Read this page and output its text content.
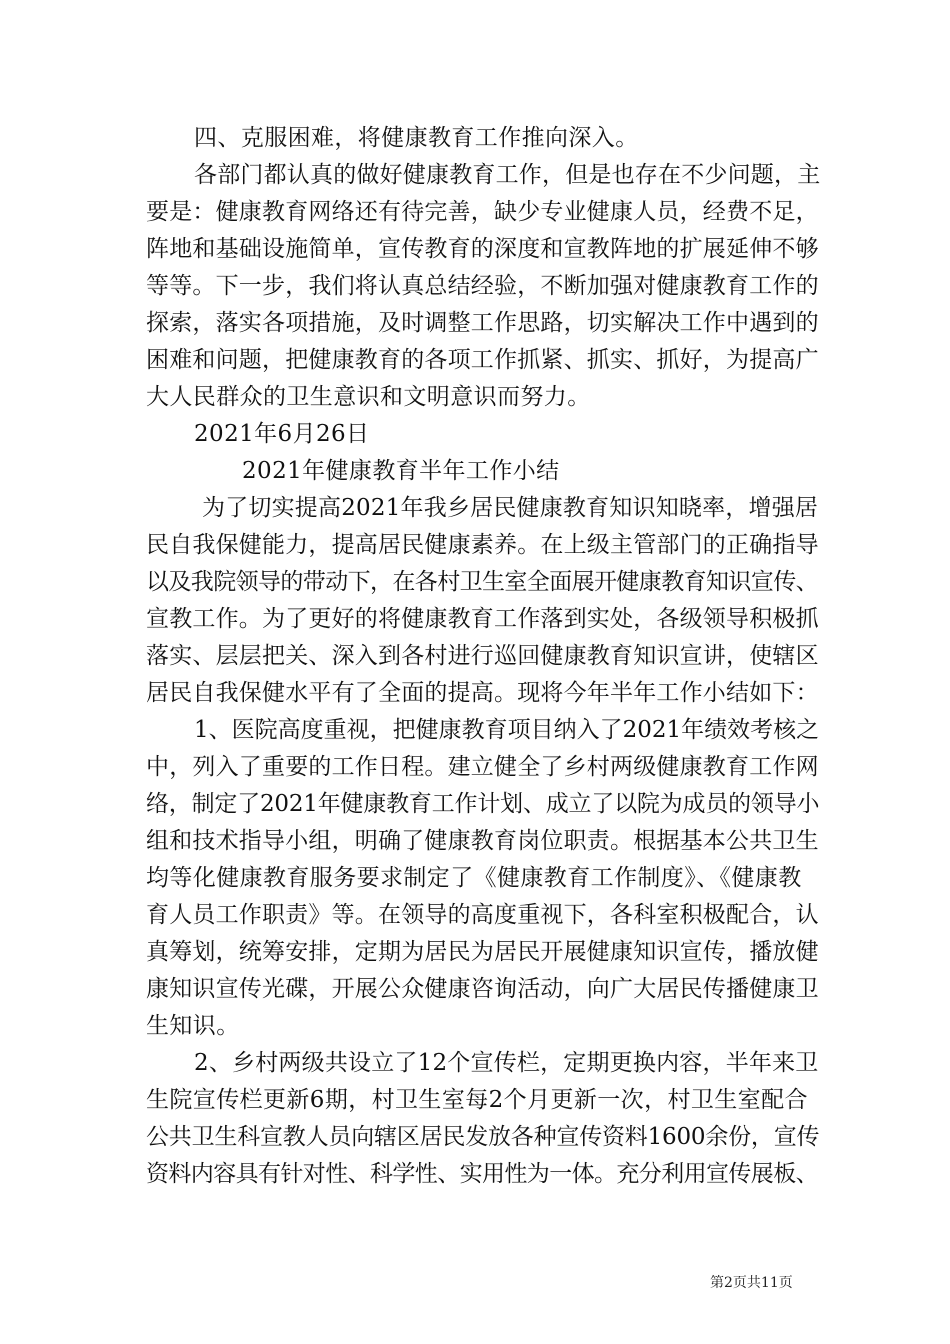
四、克服困难，将健康教育工作推向深入。
各部门都认真的做好健康教育工作，但是也存在不少问题，主
要是：健康教育网络还有待完善，缺少专业健康人员，经费不足，
阵地和基础设施简单，宣传教育的深度和宣教阵地的扩展延伸不够
等等。下一步，我们将认真总结经验，不断加强对健康教育工作的
探索，落实各项措施，及时调整工作思路，切实解决工作中遇到的
困难和问题，把健康教育的各项工作抓紧、抓实、抓好，为提高广
大人民群众的卫生意识和文明意识而努力。
2021年6月26日
2021年健康教育半年工作小结
为了切实提高2021年我乡居民健康教育知识知晓率，增强居
民自我保健能力，提高居民健康素养。在上级主管部门的正确指导
以及我院领导的带动下，在各村卫生室全面展开健康教育知识宣传、
宣教工作。为了更好的将健康教育工作落到实处，各级领导积极抓
落实、层层把关、深入到各村进行巡回健康教育知识宣讲，使辖区
居民自我保健水平有了全面的提高。现将今年半年工作小结如下：
1、医院高度重视，把健康教育项目纳入了2021年绩效考核之
中，列入了重要的工作日程。建立健全了乡村两级健康教育工作网
络，制定了2021年健康教育工作计划、成立了以院为成员的领导小
组和技术指导小组，明确了健康教育岗位职责。根据基本公共卫生
均等化健康教育服务要求制定了《健康教育工作制度》、《健康教
育人员工作职责》等。在领导的高度重视下，各科室积极配合，认
真筹划，统筹安排，定期为居民为居民开展健康知识宣传，播放健
康知识宣传光碟，开展公众健康咨询活动，向广大居民传播健康卫
生知识。
2、乡村两级共设立了12个宣传栏，定期更换内容，半年来卫
生院宣传栏更新6期，村卫生室每2个月更新一次，村卫生室配合
公共卫生科宣教人员向辖区居民发放各种宣传资料1600余份，宣传
资料内容具有针对性、科学性、实用性为一体。充分利用宣传展板、
第2页共11页
